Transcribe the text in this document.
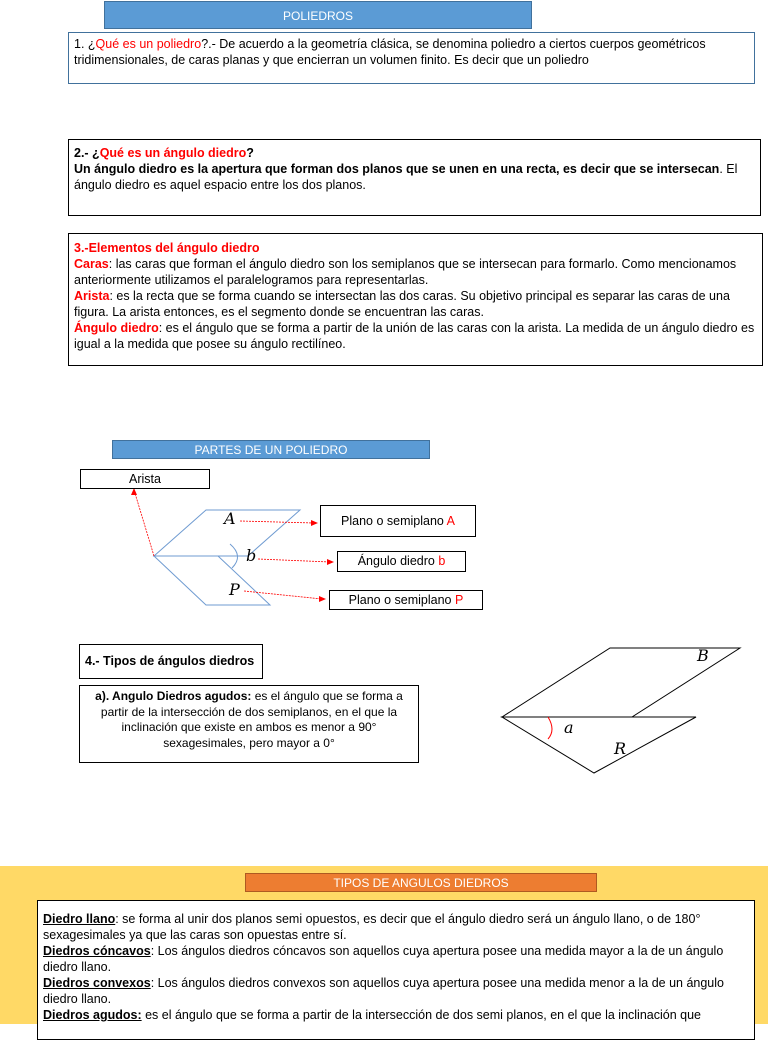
POLIEDROS
1. ¿Qué es un poliedro?.- De acuerdo a la geometría clásica, se denomina poliedro a ciertos cuerpos geométricos tridimensionales, de caras planas y que encierran un volumen finito. Es decir que un poliedro
2.- ¿Qué es un ángulo diedro?
Un ángulo diedro es la apertura que forman dos planos que se unen en una recta, es decir que se intersecan. El ángulo diedro es aquel espacio entre los dos planos.
3.-Elementos del ángulo diedro
Caras: las caras que forman el ángulo diedro son los semiplanos que se intersecan para formarlo. Como mencionamos anteriormente utilizamos el paralelogramos para representarlas.
Arista: es la recta que se forma cuando se intersectan las dos caras. Su objetivo principal es separar las caras de una figura. La arista entonces, es el segmento donde se encuentran las caras.
Ángulo diedro: es el ángulo que se forma a partir de la unión de las caras con la arista. La medida de un ángulo diedro es igual a la medida que posee su ángulo rectilíneo.
PARTES DE UN POLIEDRO
A
b
P
Arista
Plano o semiplano A
Ángulo diedro b
Plano o semiplano P
4.- Tipos de ángulos diedros
a). Angulo Diedros agudos: es el ángulo que se forma a partir de la intersección de dos semiplanos, en el que la inclinación que existe en ambos es menor a 90° sexagesimales, pero mayor a 0°
B
a
R
TIPOS DE ANGULOS DIEDROS
Diedro llano: se forma al unir dos planos semi opuestos, es decir que el ángulo diedro será un ángulo llano, o de 180° sexagesimales ya que las caras son opuestas entre sí.
Diedros cóncavos: Los ángulos diedros cóncavos son aquellos cuya apertura posee una medida mayor a la de un ángulo diedro llano.
Diedros convexos: Los ángulos diedros convexos son aquellos cuya apertura posee una medida menor a la de un ángulo diedro llano.
Diedros agudos: es el ángulo que se forma a partir de la intersección de dos semi planos, en el que la inclinación que
